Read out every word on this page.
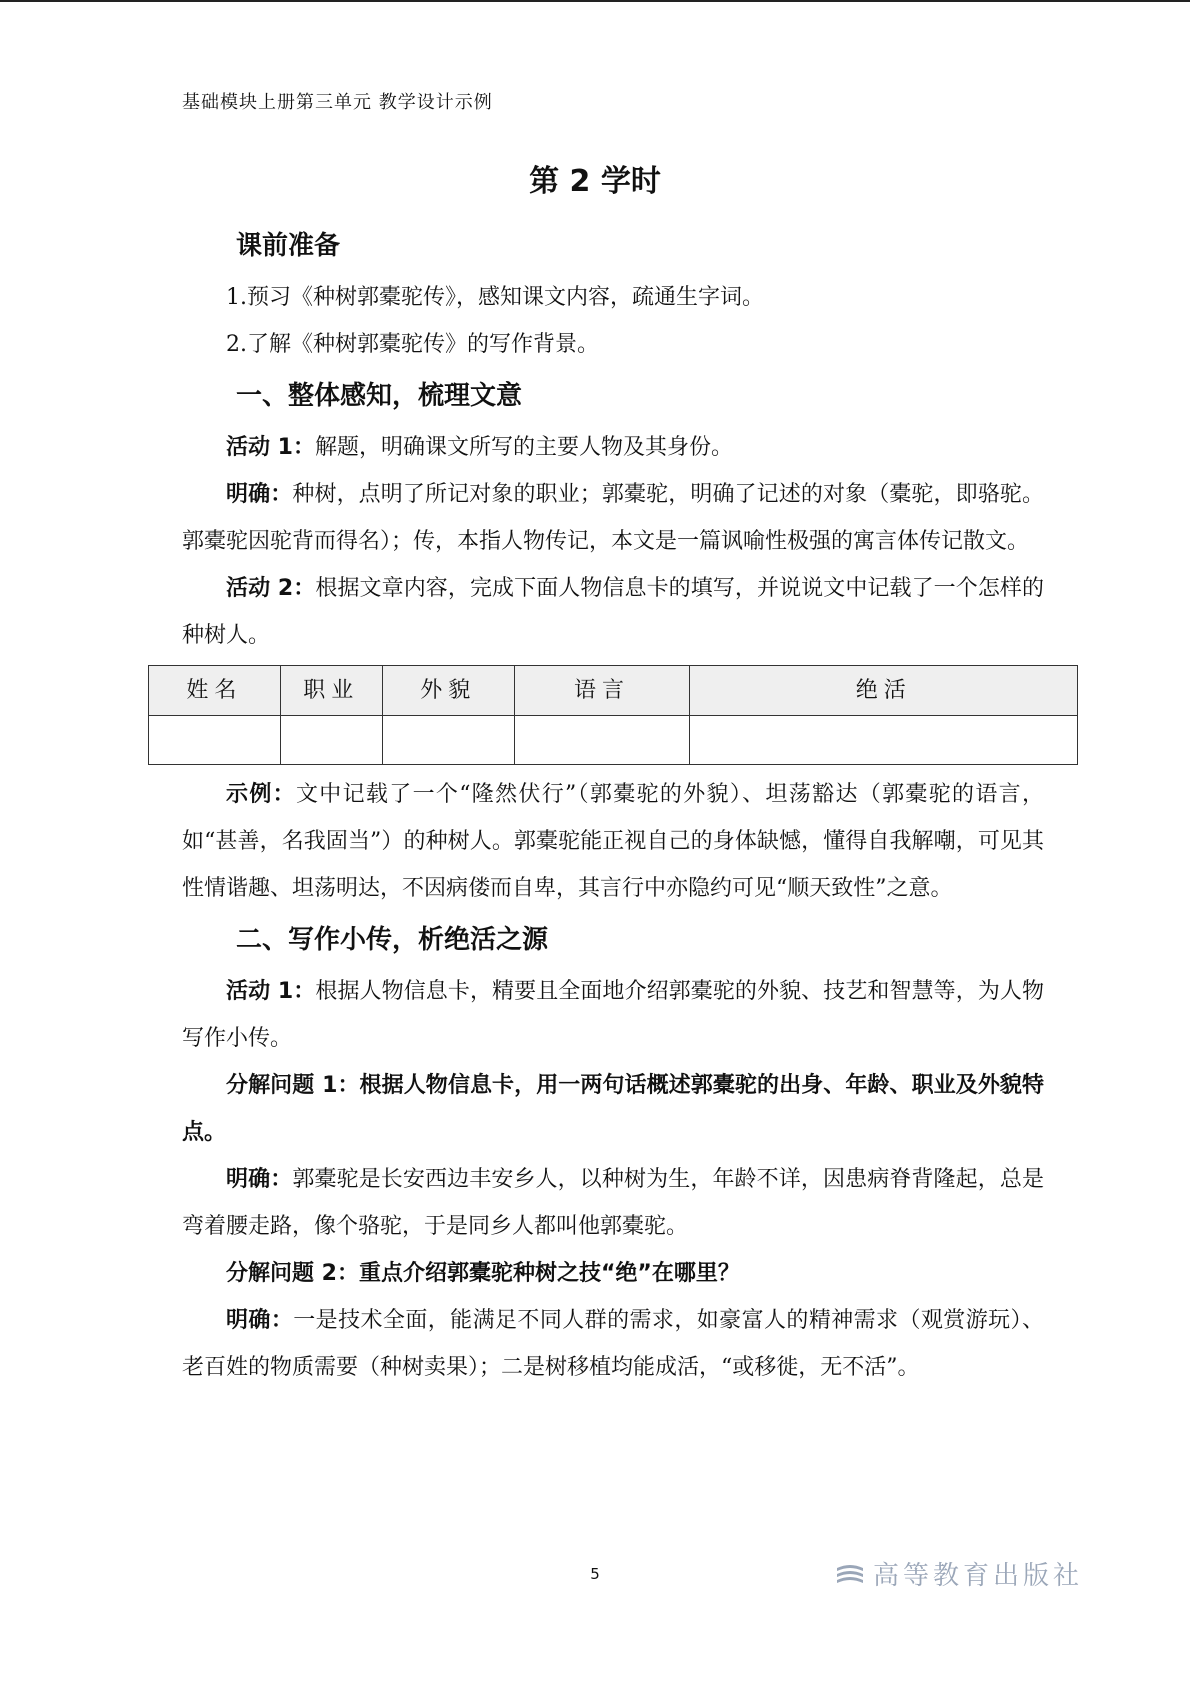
基础模块上册第三单元 教学设计示例
第 2 学时
课前准备

1.预习《种树郭橐驼传》，感知课文内容，疏通生字词。

2.了解《种树郭橐驼传》的写作背景。

一、整体感知，梳理文意

活动 1：解题，明确课文所写的主要人物及其身份。

明确：种树，点明了所记对象的职业；郭橐驼，明确了记述的对象（橐驼，即骆驼。郭橐驼因驼背而得名）；传，本指人物传记，本文是一篇讽喻性极强的寓言体传记散文。

活动 2：根据文章内容，完成下面人物信息卡的填写，并说说文中记载了一个怎样的种树人。

姓名	职业	外貌	语言	绝活

示例：文中记载了一个“隆然伏行”（郭橐驼的外貌）、坦荡豁达（郭橐驼的语言，如“甚善，名我固当”）的种树人。郭橐驼能正视自己的身体缺憾，懂得自我解嘲，可见其性情谐趣、坦荡明达，不因病偻而自卑，其言行中亦隐约可见“顺天致性”之意。

二、写作小传，析绝活之源

活动 1：根据人物信息卡，精要且全面地介绍郭橐驼的外貌、技艺和智慧等，为人物写作小传。

分解问题 1：根据人物信息卡，用一两句话概述郭橐驼的出身、年龄、职业及外貌特点。

明确：郭橐驼是长安西边丰安乡人，以种树为生，年龄不详，因患病脊背隆起，总是弯着腰走路，像个骆驼，于是同乡人都叫他郭橐驼。

分解问题 2：重点介绍郭橐驼种树之技“绝”在哪里？

明确：一是技术全面，能满足不同人群的需求，如豪富人的精神需求（观赏游玩）、老百姓的物质需要（种树卖果）；二是树移植均能成活，“或移徙，无不活”。

5	高等教育出版社
